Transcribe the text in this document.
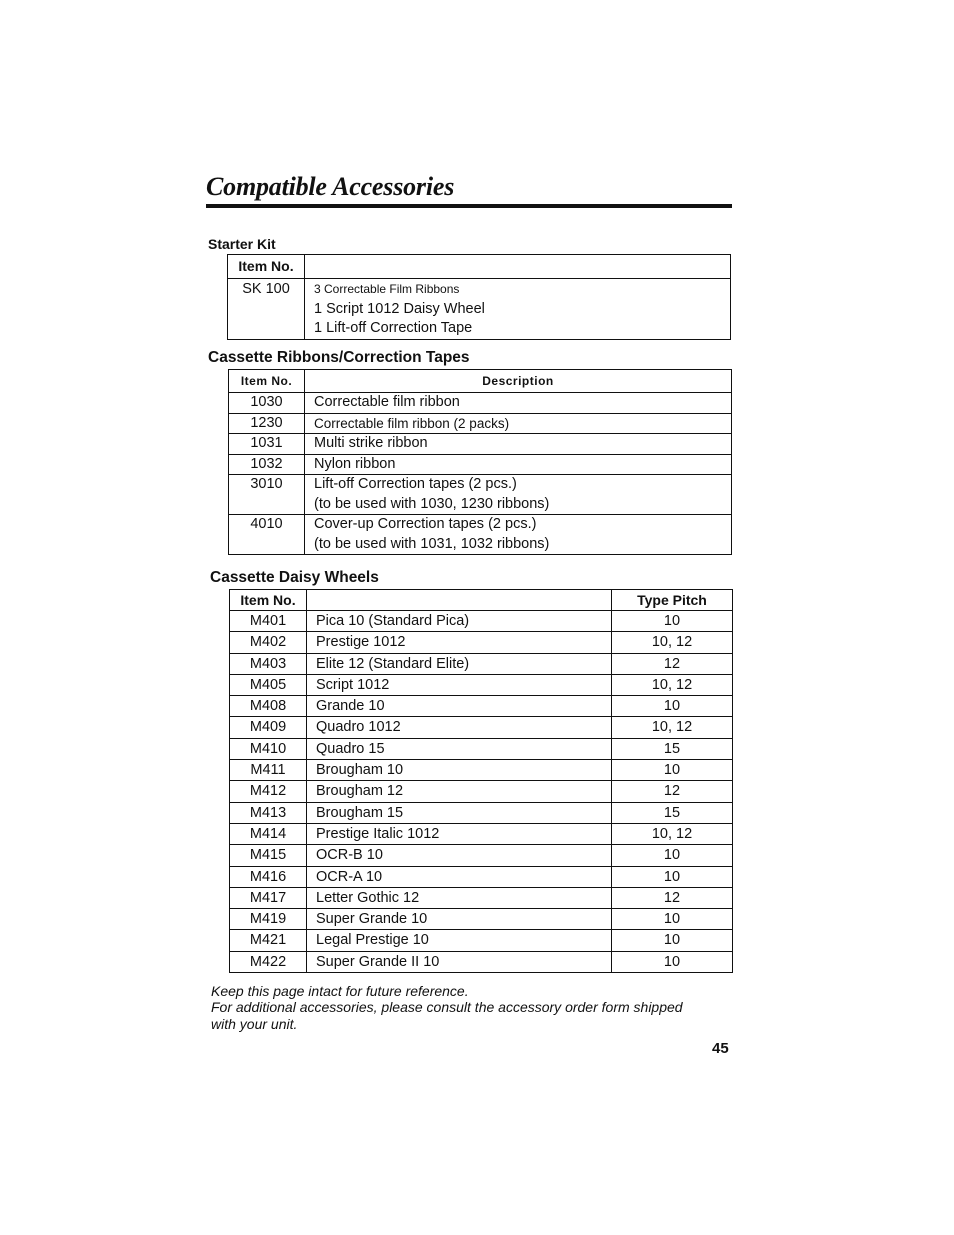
Compatible Accessories
Starter Kit
Item No.	
SK 100	3 Correctable Film Ribbons
1 Script 1012 Daisy Wheel
1 Lift-off Correction Tape
Cassette Ribbons/Correction Tapes
Item No.	Description
1030	Correctable film ribbon
1230	Correctable film ribbon (2 packs)
1031	Multi strike ribbon
1032	Nylon ribbon
3010	Lift-off Correction tapes (2 pcs.)
(to be used with 1030, 1230 ribbons)

4010	Cover-up Correction tapes (2 pcs.)
(to be used with 1031, 1032 ribbons)
Cassette Daisy Wheels
Item No.		Type Pitch
M401	Pica 10 (Standard Pica)	10
M402	Prestige 1012	10, 12
M403	Elite 12 (Standard Elite)	12
M405	Script 1012	10, 12
M408	Grande 10	10
M409	Quadro 1012	10, 12
M410	Quadro 15	15
M411	Brougham 10	10
M412	Brougham 12	12
M413	Brougham 15	15
M414	Prestige Italic 1012	10, 12
M415	OCR-B 10	10
M416	OCR-A 10	10
M417	Letter Gothic 12	12
M419	Super Grande 10	10
M421	Legal Prestige 10	10
M422	Super Grande II 10	10
Keep this page intact for future reference.
For additional accessories, please consult the accessory order form shipped
with your unit.
45
